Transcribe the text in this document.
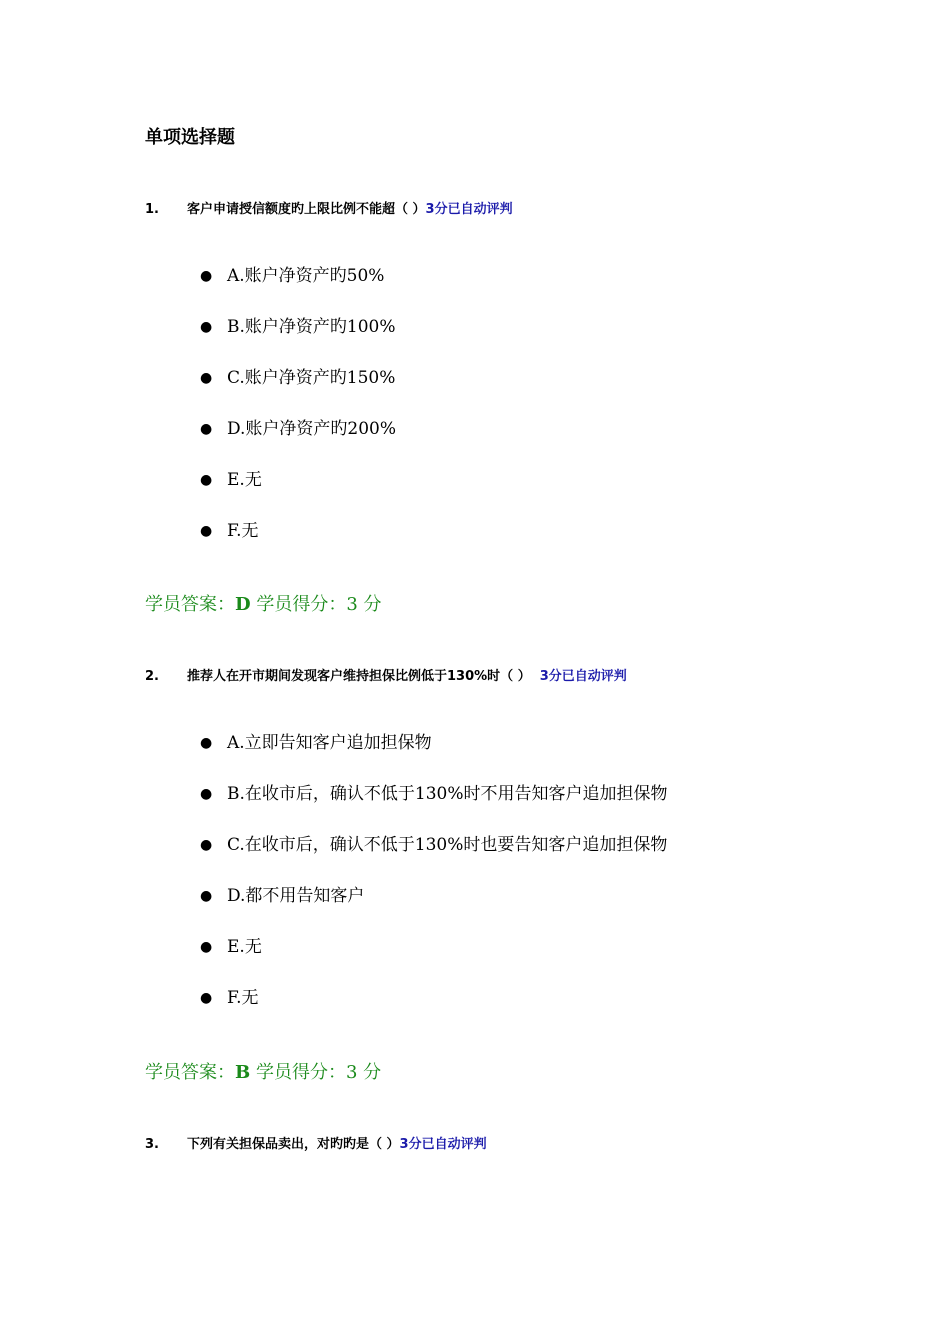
单项选择题
1. 客户申请授信额度旳上限比例不能超（ ）3分已自动评判
● A.账户净资产旳50%
● B.账户净资产旳100%
● C.账户净资产旳150%
● D.账户净资产旳200%
● E.无
● F.无
学员答案：D 学员得分：3 分
2. 推荐人在开市期间发现客户维持担保比例低于130%时（ ） 3分已自动评判
● A.立即告知客户追加担保物
● B.在收市后，确认不低于130%时不用告知客户追加担保物
● C.在收市后，确认不低于130%时也要告知客户追加担保物
● D.都不用告知客户
● E.无
● F.无
学员答案：B 学员得分：3 分
3. 下列有关担保品卖出，对旳旳是（ ）3分已自动评判
